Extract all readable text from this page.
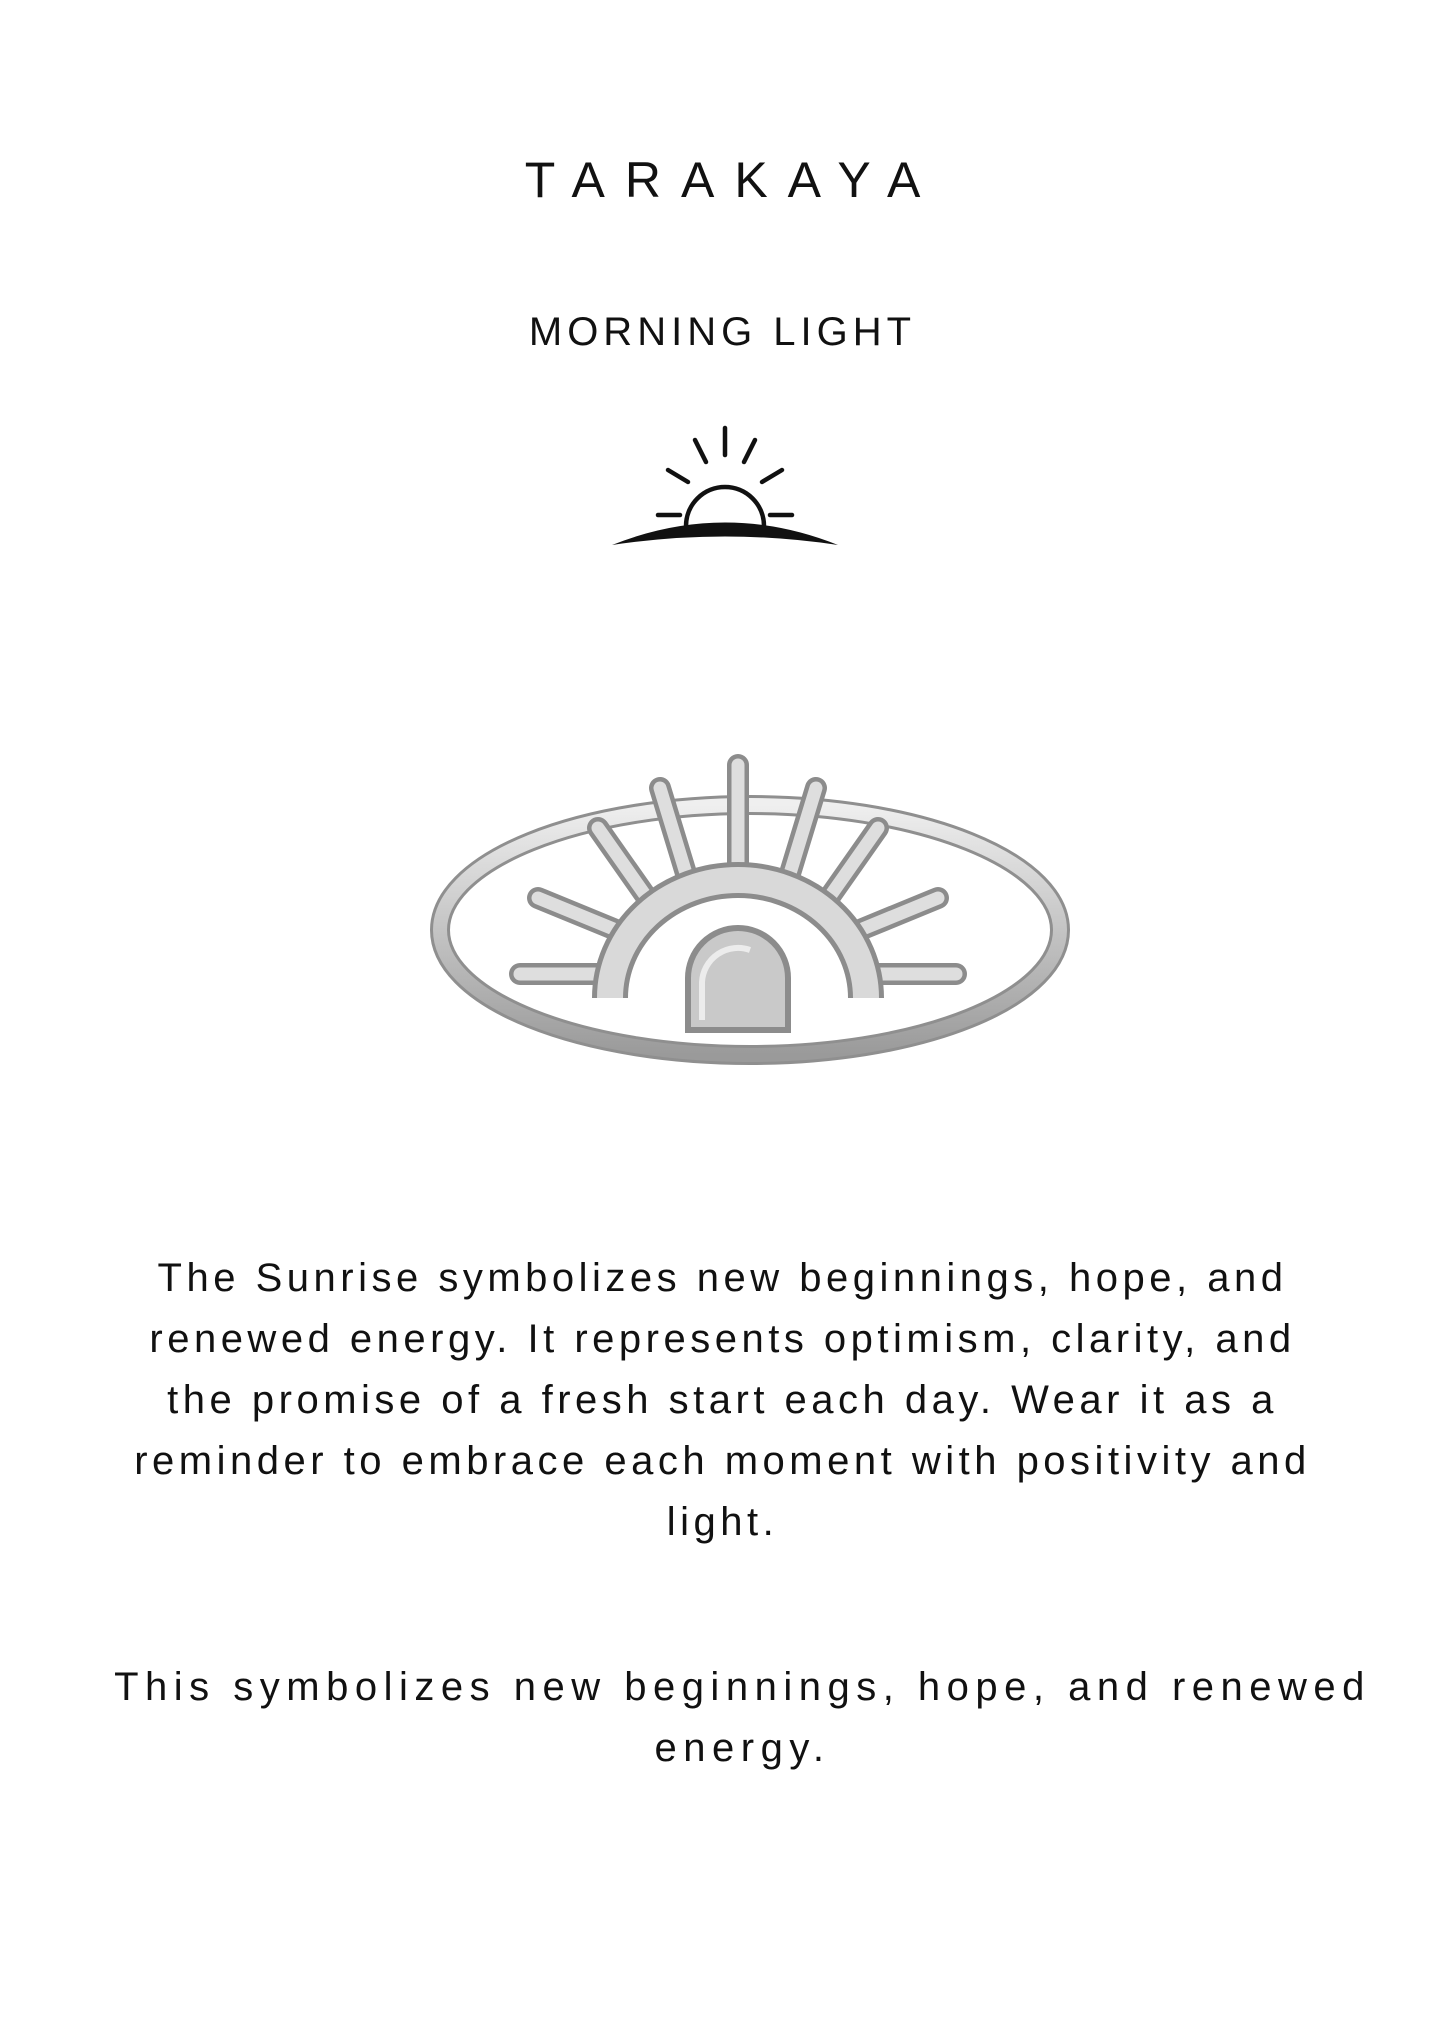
TARAKAYA
MORNING LIGHT

The Sunrise symbolizes new beginnings, hope, and renewed energy. It represents optimism, clarity, and the promise of a fresh start each day. Wear it as a reminder to embrace each moment with positivity and light.

This symbolizes new beginnings, hope, and renewed energy.
